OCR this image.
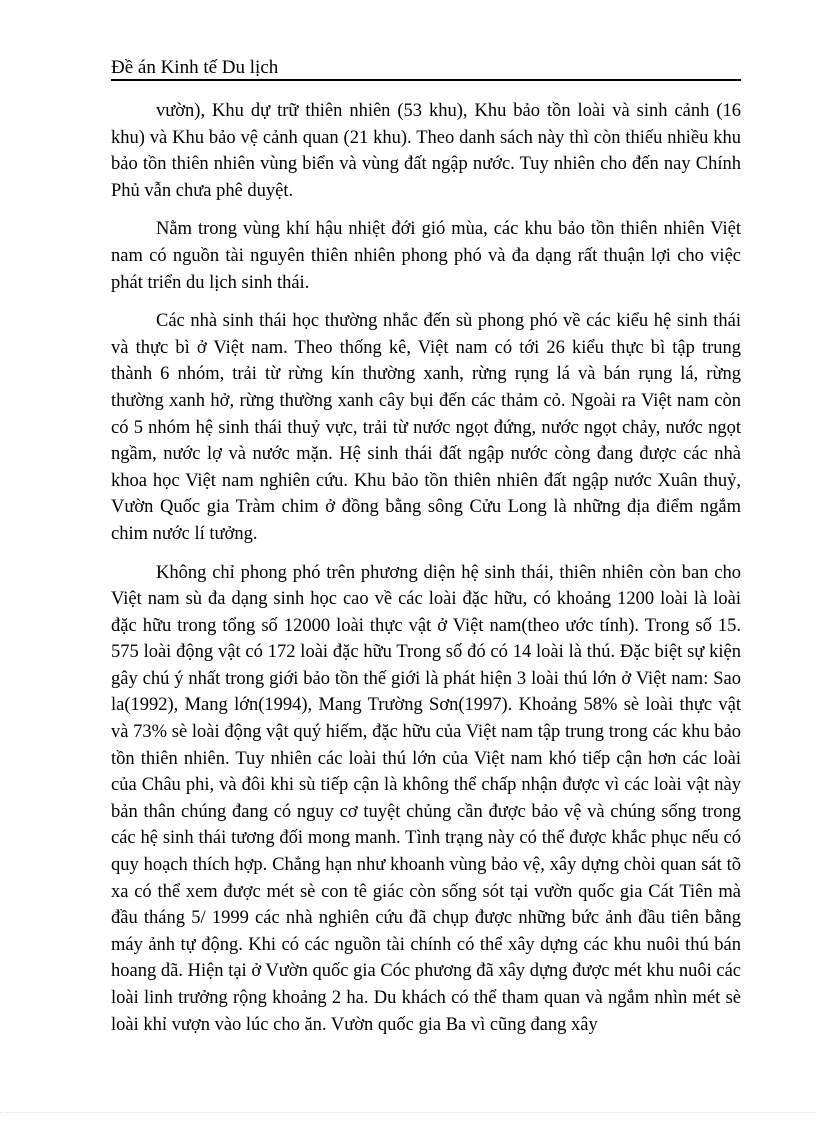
Đề án Kinh tế Du lịch

vườn), Khu dự trữ thiên nhiên (53 khu), Khu bảo tồn loài và sinh cảnh (16 khu) và Khu bảo vệ cảnh quan (21 khu). Theo danh sách này thì còn thiếu nhiều khu bảo tồn thiên nhiên vùng biển và vùng đất ngập nước. Tuy nhiên cho đến nay Chính Phủ vẫn chưa phê duyệt.

Nằm trong vùng khí hậu nhiệt đới gió mùa, các khu bảo tồn thiên nhiên Việt nam có nguồn tài nguyên thiên nhiên phong phó và đa dạng rất thuận lợi cho việc phát triển du lịch sinh thái.

Các nhà sinh thái học thường nhắc đến sù phong phó về các kiểu hệ sinh thái và thực bì ở Việt nam. Theo thống kê, Việt nam có tới 26 kiểu thực bì tập trung thành 6 nhóm, trải từ rừng kín thường xanh, rừng rụng lá và bán rụng lá, rừng thường xanh hở, rừng thường xanh cây bụi đến các thảm cỏ. Ngoài ra Việt nam còn có 5 nhóm hệ sinh thái thuỷ vực, trải từ nước ngọt đứng, nước ngọt chảy, nước ngọt ngầm, nước lợ và nước mặn. Hệ sinh thái đất ngập nước còng đang được các nhà khoa học Việt nam nghiên cứu. Khu bảo tồn thiên nhiên đất ngập nước Xuân thuỷ, Vườn Quốc gia Tràm chim ở đồng bằng sông Cửu Long là những địa điểm ngắm chim nước lí tưởng.

Không chỉ phong phó trên phương diện hệ sinh thái, thiên nhiên còn ban cho Việt nam sù đa dạng sinh học cao về các loài đặc hữu, có khoảng 1200 loài là loài đặc hữu trong tổng số 12000 loài thực vật ở Việt nam(theo ước tính). Trong số 15. 575 loài động vật có 172 loài đặc hữu Trong số đó có 14 loài là thú. Đặc biệt sự kiện gây chú ý nhất trong giới bảo tồn thế giới là phát hiện 3 loài thú lớn ở Việt nam: Sao la(1992), Mang lớn(1994), Mang Trường Sơn(1997). Khoảng 58% sè loài thực vật và 73% sè loài động vật quý hiếm, đặc hữu của Việt nam tập trung trong các khu bảo tồn thiên nhiên. Tuy nhiên các loài thú lớn của Việt nam khó tiếp cận hơn các loài của Châu phi, và đôi khi sù tiếp cận là không thể chấp nhận được vì các loài vật này bản thân chúng đang có nguy cơ tuyệt chủng cần được bảo vệ và chúng sống trong các hệ sinh thái tương đối mong manh. Tình trạng này có thể được khắc phục nếu có quy hoạch thích hợp. Chẳng hạn như khoanh vùng bảo vệ, xây dựng chòi quan sát tõ xa có thể xem được mét sè con tê giác còn sống sót tại vườn quốc gia Cát Tiên mà đầu tháng 5/ 1999 các nhà nghiên cứu đã chụp được những bức ảnh đầu tiên bằng máy ảnh tự động. Khi có các nguồn tài chính có thể xây dựng các khu nuôi thú bán hoang dã. Hiện tại ở Vườn quốc gia Cóc phương đã xây dựng được mét khu nuôi các loài linh trưởng rộng khoảng 2 ha. Du khách có thể tham quan và ngắm nhìn mét sè loài khỉ vượn vào lúc cho ăn. Vườn quốc gia Ba vì cũng đang xây
